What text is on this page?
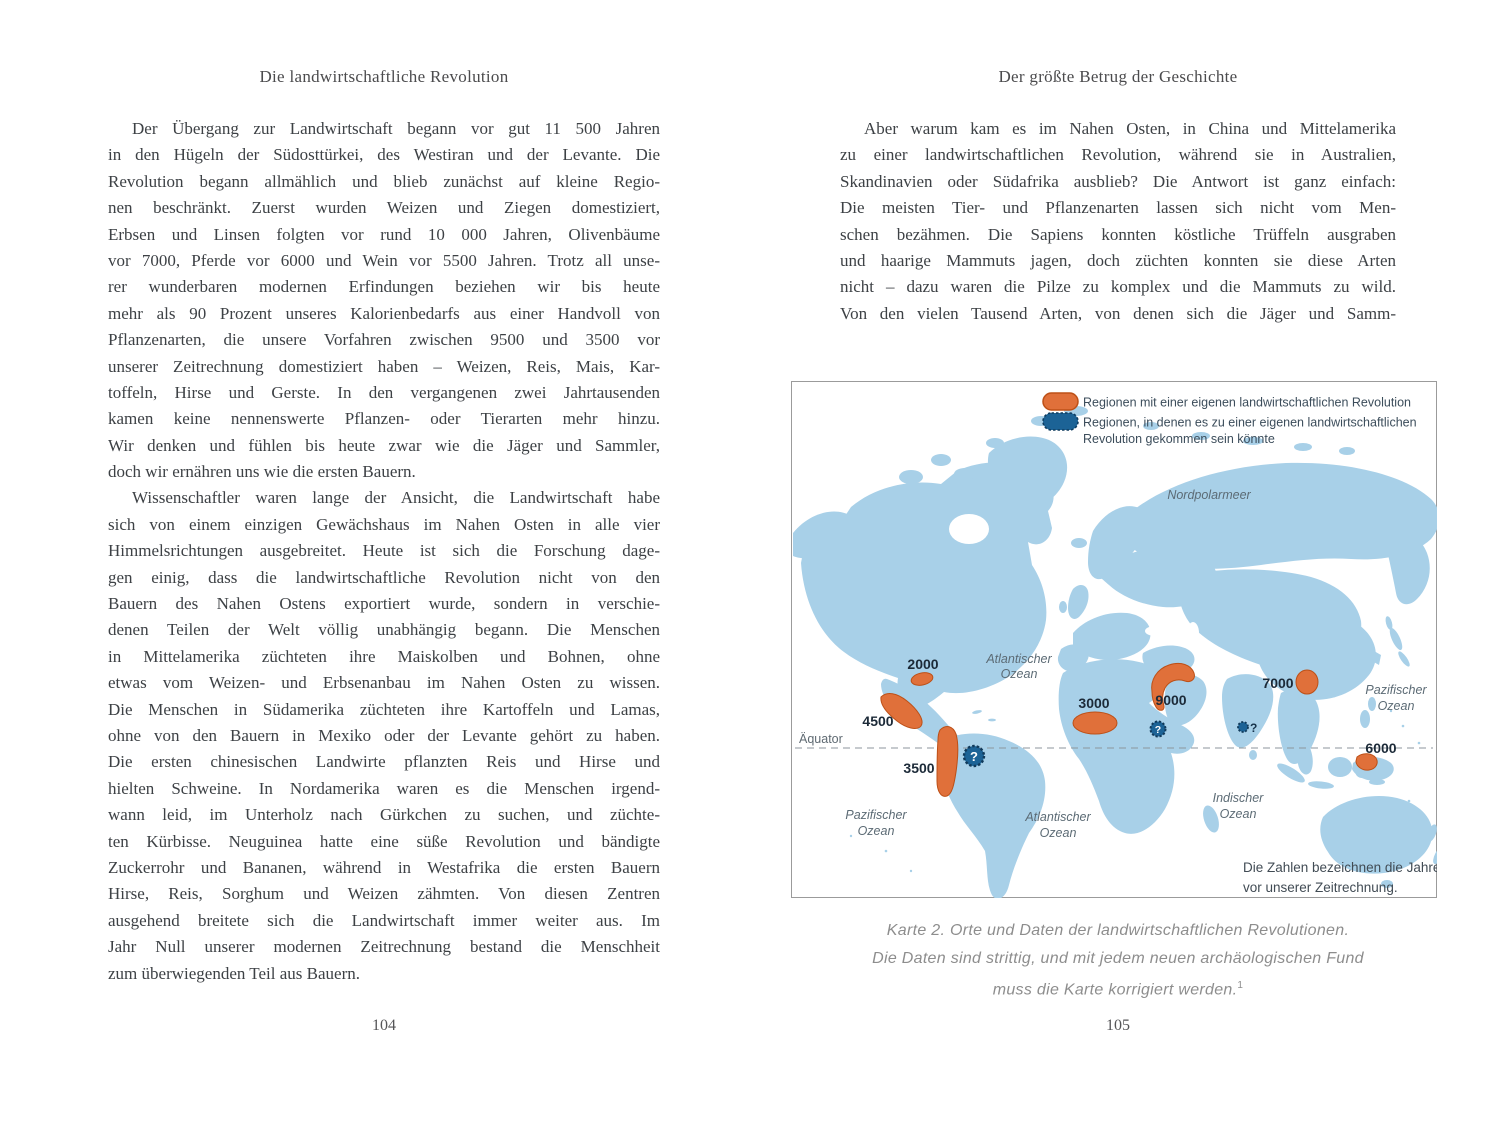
Die landwirtschaftliche Revolution
Der Übergang zur Landwirtschaft begann vor gut 11 500 Jahren
in den Hügeln der Südosttürkei, des Westiran und der Levante. Die
Revolution begann allmählich und blieb zunächst auf kleine Regio-
nen beschränkt. Zuerst wurden Weizen und Ziegen domestiziert,
Erbsen und Linsen folgten vor rund 10 000 Jahren, Olivenbäume
vor 7000, Pferde vor 6000 und Wein vor 5500 Jahren. Trotz all unse-
rer wunderbaren modernen Erfindungen beziehen wir bis heute
mehr als 90 Prozent unseres Kalorienbedarfs aus einer Handvoll von
Pflanzenarten, die unsere Vorfahren zwischen 9500 und 3500 vor
unserer Zeitrechnung domestiziert haben – Weizen, Reis, Mais, Kar-
toffeln, Hirse und Gerste. In den vergangenen zwei Jahrtausenden
kamen keine nennenswerte Pflanzen- oder Tierarten mehr hinzu.
Wir denken und fühlen bis heute zwar wie die Jäger und Sammler,
doch wir ernähren uns wie die ersten Bauern.
Wissenschaftler waren lange der Ansicht, die Landwirtschaft habe
sich von einem einzigen Gewächshaus im Nahen Osten in alle vier
Himmelsrichtungen ausgebreitet. Heute ist sich die Forschung dage-
gen einig, dass die landwirtschaftliche Revolution nicht von den
Bauern des Nahen Ostens exportiert wurde, sondern in verschie-
denen Teilen der Welt völlig unabhängig begann. Die Menschen
in Mittelamerika züchteten ihre Maiskolben und Bohnen, ohne
etwas vom Weizen- und Erbsenanbau im Nahen Osten zu wissen.
Die Menschen in Südamerika züchteten ihre Kartoffeln und Lamas,
ohne von den Bauern in Mexiko oder der Levante gehört zu haben.
Die ersten chinesischen Landwirte pflanzten Reis und Hirse und
hielten Schweine. In Nordamerika waren es die Menschen irgend-
wann leid, im Unterholz nach Gürkchen zu suchen, und züchte-
ten Kürbisse. Neuguinea hatte eine süße Revolution und bändigte
Zuckerrohr und Bananen, während in Westafrika die ersten Bauern
Hirse, Reis, Sorghum und Weizen zähmten. Von diesen Zentren
ausgehend breitete sich die Landwirtschaft immer weiter aus. Im
Jahr Null unserer modernen Zeitrechnung bestand die Menschheit
zum überwiegenden Teil aus Bauern.
104
Der größte Betrug der Geschichte
Aber warum kam es im Nahen Osten, in China und Mittelamerika
zu einer landwirtschaftlichen Revolution, während sie in Australien,
Skandinavien oder Südafrika ausblieb? Die Antwort ist ganz einfach:
Die meisten Tier- und Pflanzenarten lassen sich nicht vom Men-
schen bezähmen. Die Sapiens konnten köstliche Trüffeln ausgraben
und haarige Mammuts jagen, doch züchten konnten sie diese Arten
nicht – dazu waren die Pilze zu komplex und die Mammuts zu wild.
Von den vielen Tausend Arten, von denen sich die Jäger und Samm-
Äquator
?
?	?
2000
4500
3500
3000	9000
7000
6000
Nordpolarmeer
Atlantischer Ozean
Pazifischer Ozean
Indischer Ozean
Pazifischer Ozean
Atlantischer Ozean
Regionen mit einer eigenen landwirtschaftlichen Revolution
Regionen, in denen es zu einer eigenen landwirtschaftlichen Revolution gekommen sein könnte
Die Zahlen bezeichnen die Jahre
vor unserer Zeitrechnung.
Karte 2. Orte und Daten der landwirtschaftlichen Revolutionen.
Die Daten sind strittig, und mit jedem neuen archäologischen Fund
muss die Karte korrigiert werden.$^1$
105
